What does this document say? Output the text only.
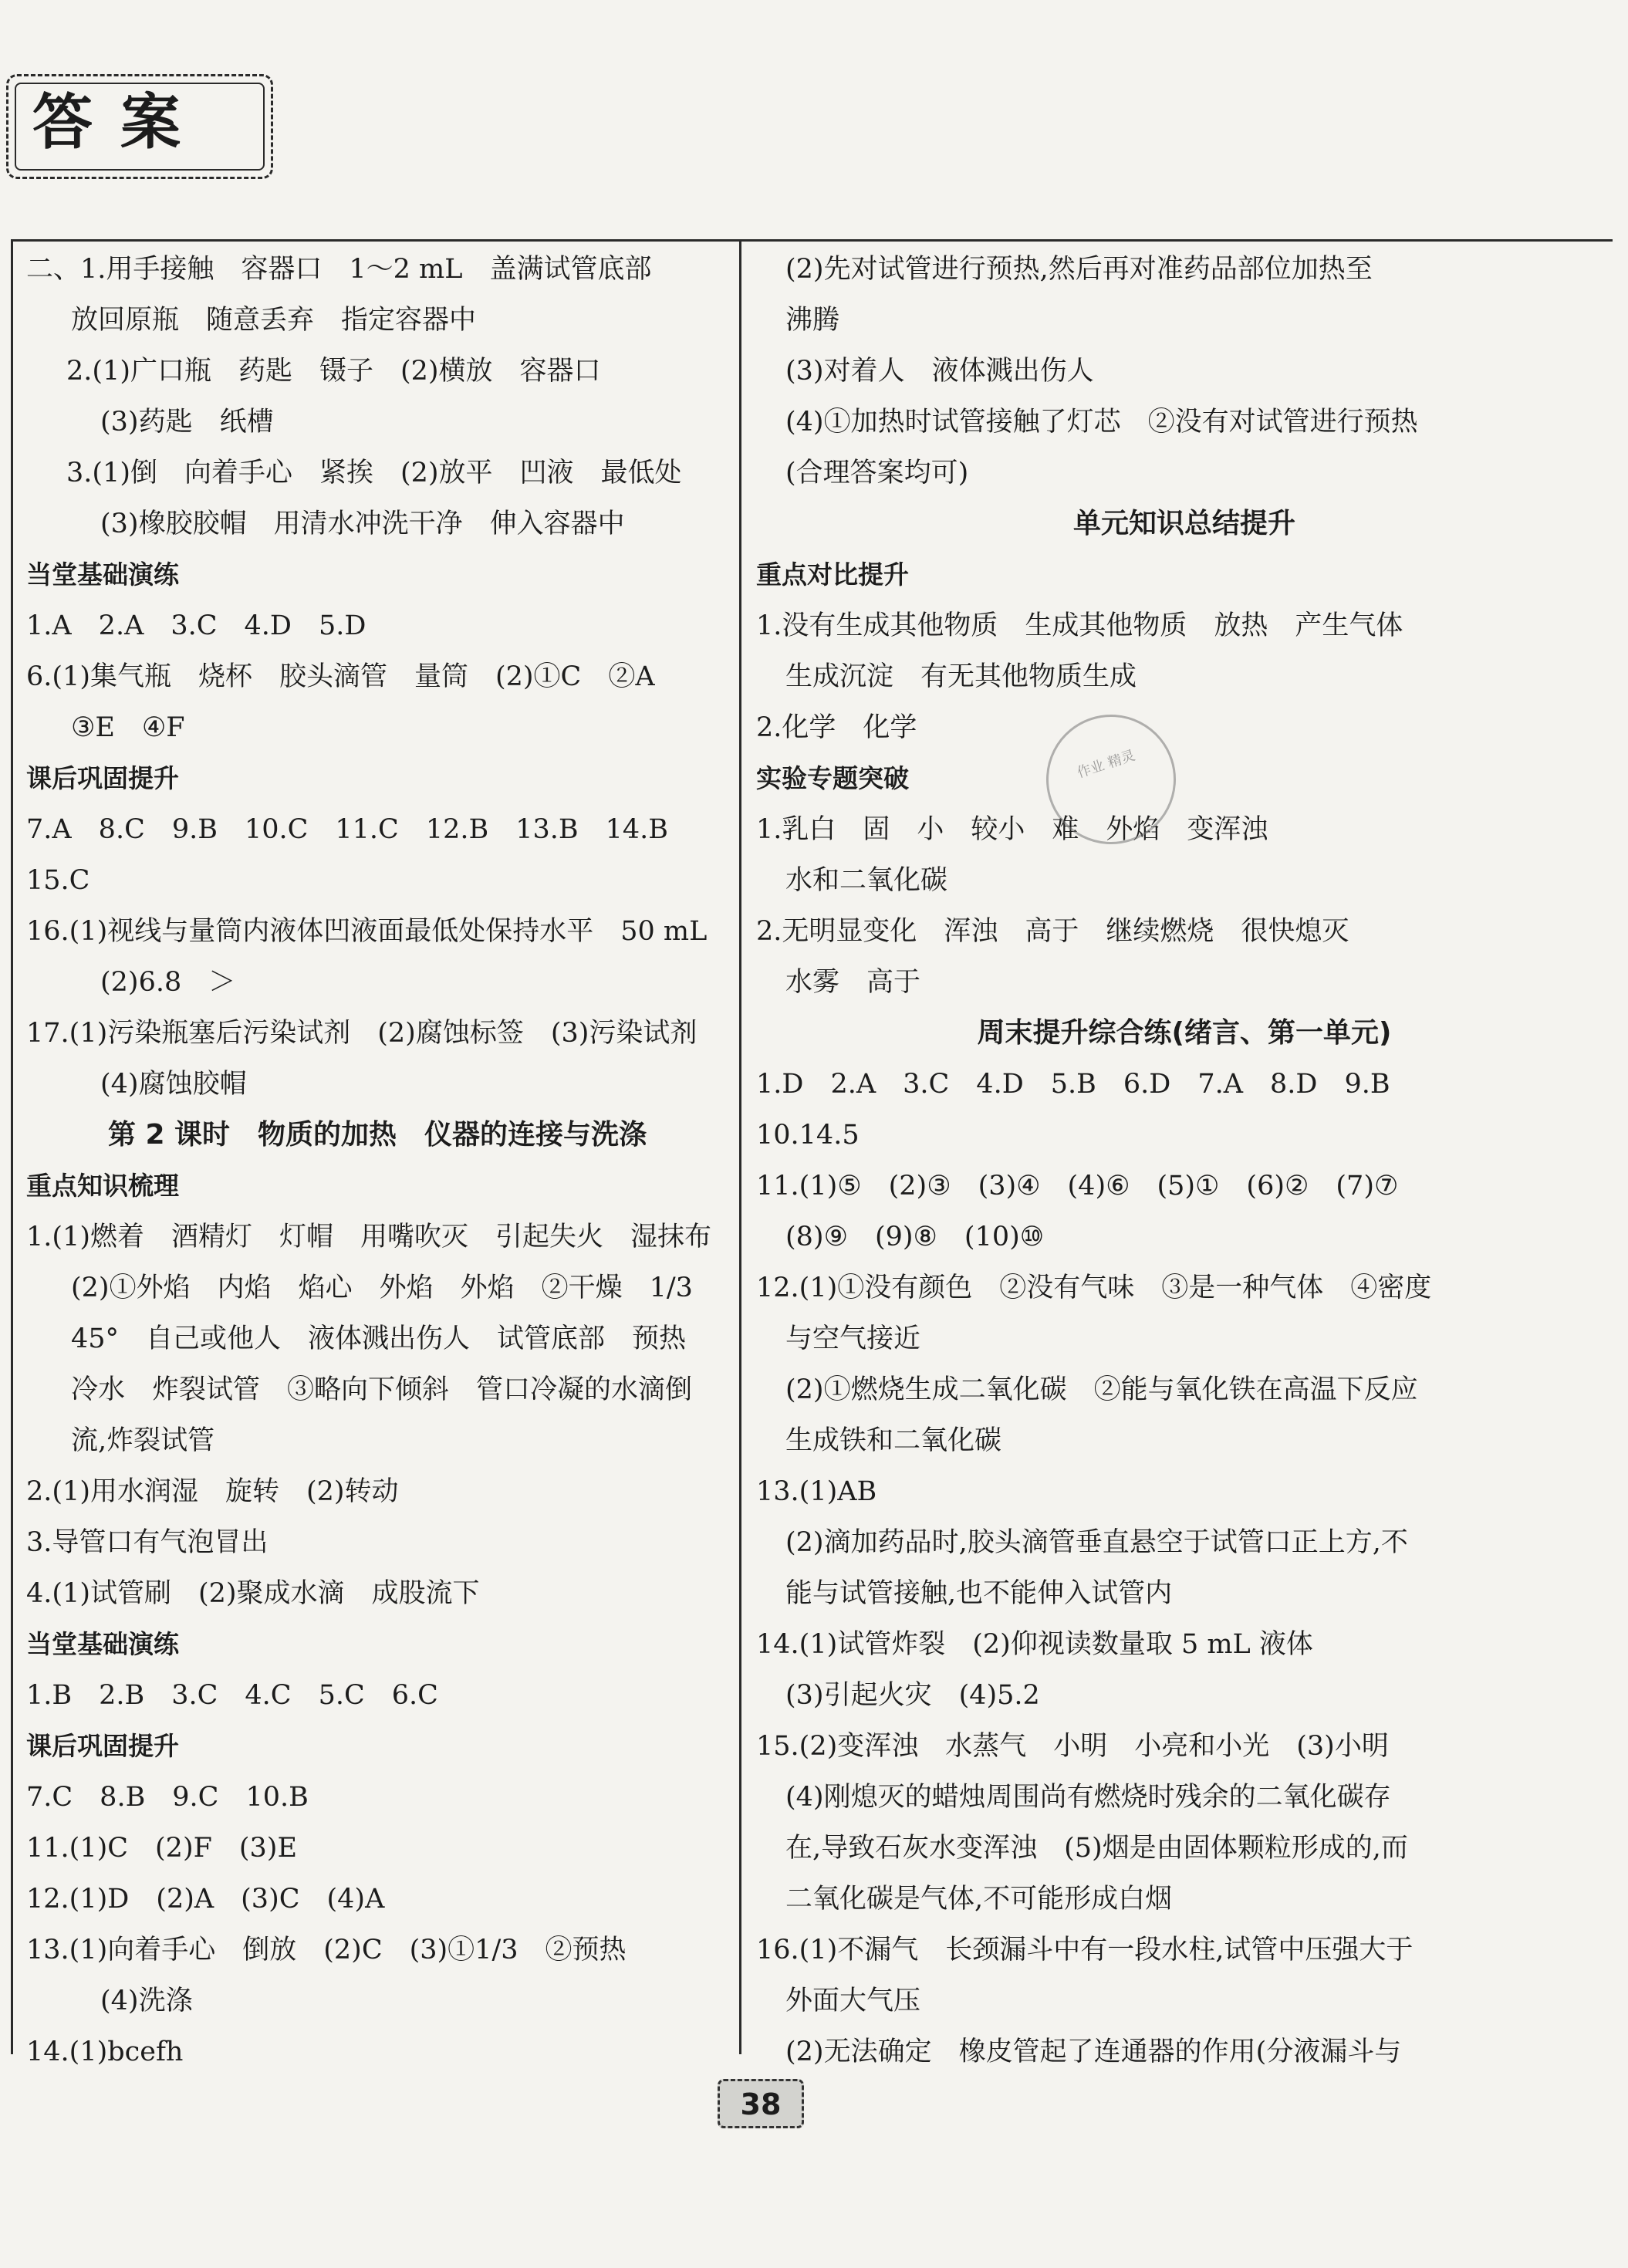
答案
二、1.用手接触　容器口　1～2 mL　盖满试管底部
放回原瓶　随意丢弃　指定容器中
2.(1)广口瓶　药匙　镊子　(2)横放　容器口
(3)药匙　纸槽
3.(1)倒　向着手心　紧挨　(2)放平　凹液　最低处
(3)橡胶胶帽　用清水冲洗干净　伸入容器中
当堂基础演练
1.A　2.A　3.C　4.D　5.D
6.(1)集气瓶　烧杯　胶头滴管　量筒　(2)①C　②A
③E　④F
课后巩固提升
7.A　8.C　9.B　10.C　11.C　12.B　13.B　14.B
15.C
16.(1)视线与量筒内液体凹液面最低处保持水平　50 mL
(2)6.8　＞
17.(1)污染瓶塞后污染试剂　(2)腐蚀标签　(3)污染试剂
(4)腐蚀胶帽
第 2 课时　物质的加热　仪器的连接与洗涤
重点知识梳理
1.(1)燃着　酒精灯　灯帽　用嘴吹灭　引起失火　湿抹布
(2)①外焰　内焰　焰心　外焰　外焰　②干燥　1/3
45°　自己或他人　液体溅出伤人　试管底部　预热
冷水　炸裂试管　③略向下倾斜　管口冷凝的水滴倒
流,炸裂试管
2.(1)用水润湿　旋转　(2)转动
3.导管口有气泡冒出
4.(1)试管刷　(2)聚成水滴　成股流下
当堂基础演练
1.B　2.B　3.C　4.C　5.C　6.C
课后巩固提升
7.C　8.B　9.C　10.B
11.(1)C　(2)F　(3)E
12.(1)D　(2)A　(3)C　(4)A
13.(1)向着手心　倒放　(2)C　(3)①1/3　②预热
(4)洗涤
14.(1)bcefh
(2)先对试管进行预热,然后再对准药品部位加热至
沸腾
(3)对着人　液体溅出伤人
(4)①加热时试管接触了灯芯　②没有对试管进行预热
(合理答案均可)
单元知识总结提升
重点对比提升
1.没有生成其他物质　生成其他物质　放热　产生气体
生成沉淀　有无其他物质生成
2.化学　化学
实验专题突破
1.乳白　固　小　较小　难　外焰　变浑浊
水和二氧化碳
2.无明显变化　浑浊　高于　继续燃烧　很快熄灭
水雾　高于
周末提升综合练(绪言、第一单元)
1.D　2.A　3.C　4.D　5.B　6.D　7.A　8.D　9.B
10.14.5
11.(1)⑤　(2)③　(3)④　(4)⑥　(5)①　(6)②　(7)⑦
(8)⑨　(9)⑧　(10)⑩
12.(1)①没有颜色　②没有气味　③是一种气体　④密度
与空气接近
(2)①燃烧生成二氧化碳　②能与氧化铁在高温下反应
生成铁和二氧化碳
13.(1)AB
(2)滴加药品时,胶头滴管垂直悬空于试管口正上方,不
能与试管接触,也不能伸入试管内
14.(1)试管炸裂　(2)仰视读数量取 5 mL 液体
(3)引起火灾　(4)5.2
15.(2)变浑浊　水蒸气　小明　小亮和小光　(3)小明
(4)刚熄灭的蜡烛周围尚有燃烧时残余的二氧化碳存
在,导致石灰水变浑浊　(5)烟是由固体颗粒形成的,而
二氧化碳是气体,不可能形成白烟
16.(1)不漏气　长颈漏斗中有一段水柱,试管中压强大于
外面大气压
(2)无法确定　橡皮管起了连通器的作用(分液漏斗与
作业 精灵
38
